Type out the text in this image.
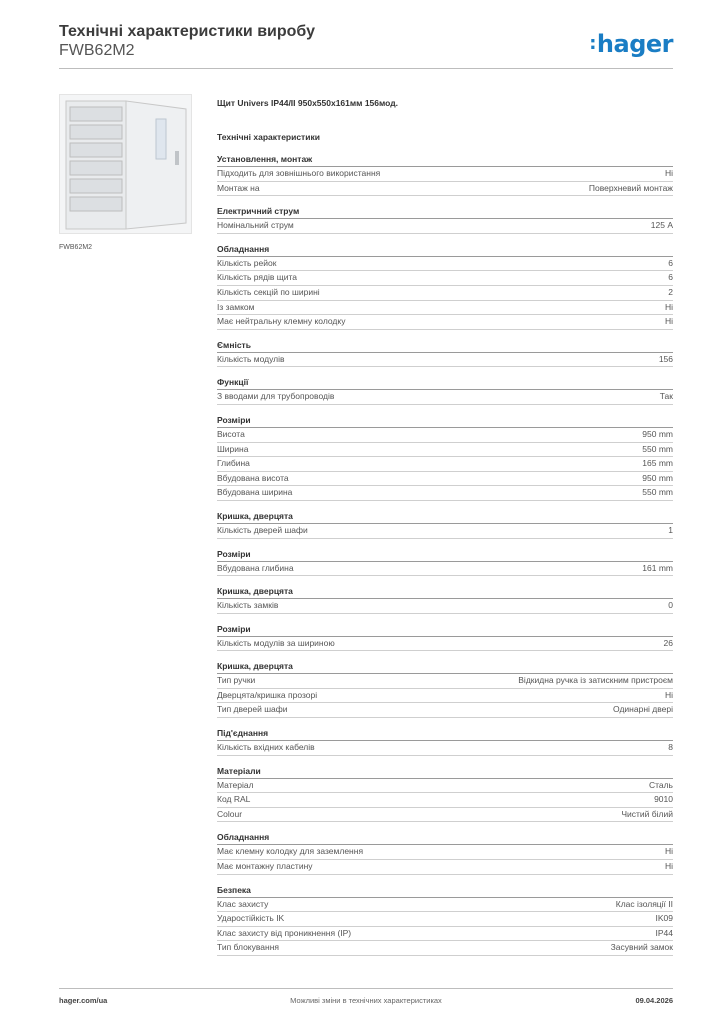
Технічні характеристики виробу
FWB62M2	:hager
FWB62M2
Щит Univers IP44/II 950x550x161мм 156мод.
Технічні характеристики
Установлення, монтаж
Підходить для зовнішнього використання	Ні
Монтаж на	Поверхневий монтаж
Електричний струм
Номінальний струм	125 А
Обладнання
Кількість рейок	6
Кількість рядів щита	6
Кількість секцій по ширині	2
Із замком	Ні
Має нейтральну клемну колодку	Ні
Ємність
Кількість модулів	156
Функції
З вводами для трубопроводів	Так
Розміри
Висота	950 mm
Ширина	550 mm
Глибина	165 mm
Вбудована висота	950 mm
Вбудована ширина	550 mm
Кришка, дверцята
Кількість дверей шафи	1
Розміри
Вбудована глибина	161 mm
Кришка, дверцята
Кількість замків	0
Розміри
Кількість модулів за шириною	26
Кришка, дверцята
Тип ручки	Відкидна ручка із затискним пристроєм
Дверцята/кришка прозорі	Ні
Тип дверей шафи	Одинарні двері
Під'єднання
Кількість вхідних кабелів	8
Матеріали
Матеріал	Сталь
Код RAL	9010
Colour	Чистий білий
Обладнання
Має клемну колодку для заземлення	Ні
Має монтажну пластину	Ні
Безпека
Клас захисту	Клас ізоляції II
Ударостійкість IK	IK09
Клас захисту від проникнення (IP)	IP44
Тип блокування	Засувний замок
hager.com/ua	Можливі зміни в технічних характеристиках	09.04.2026
